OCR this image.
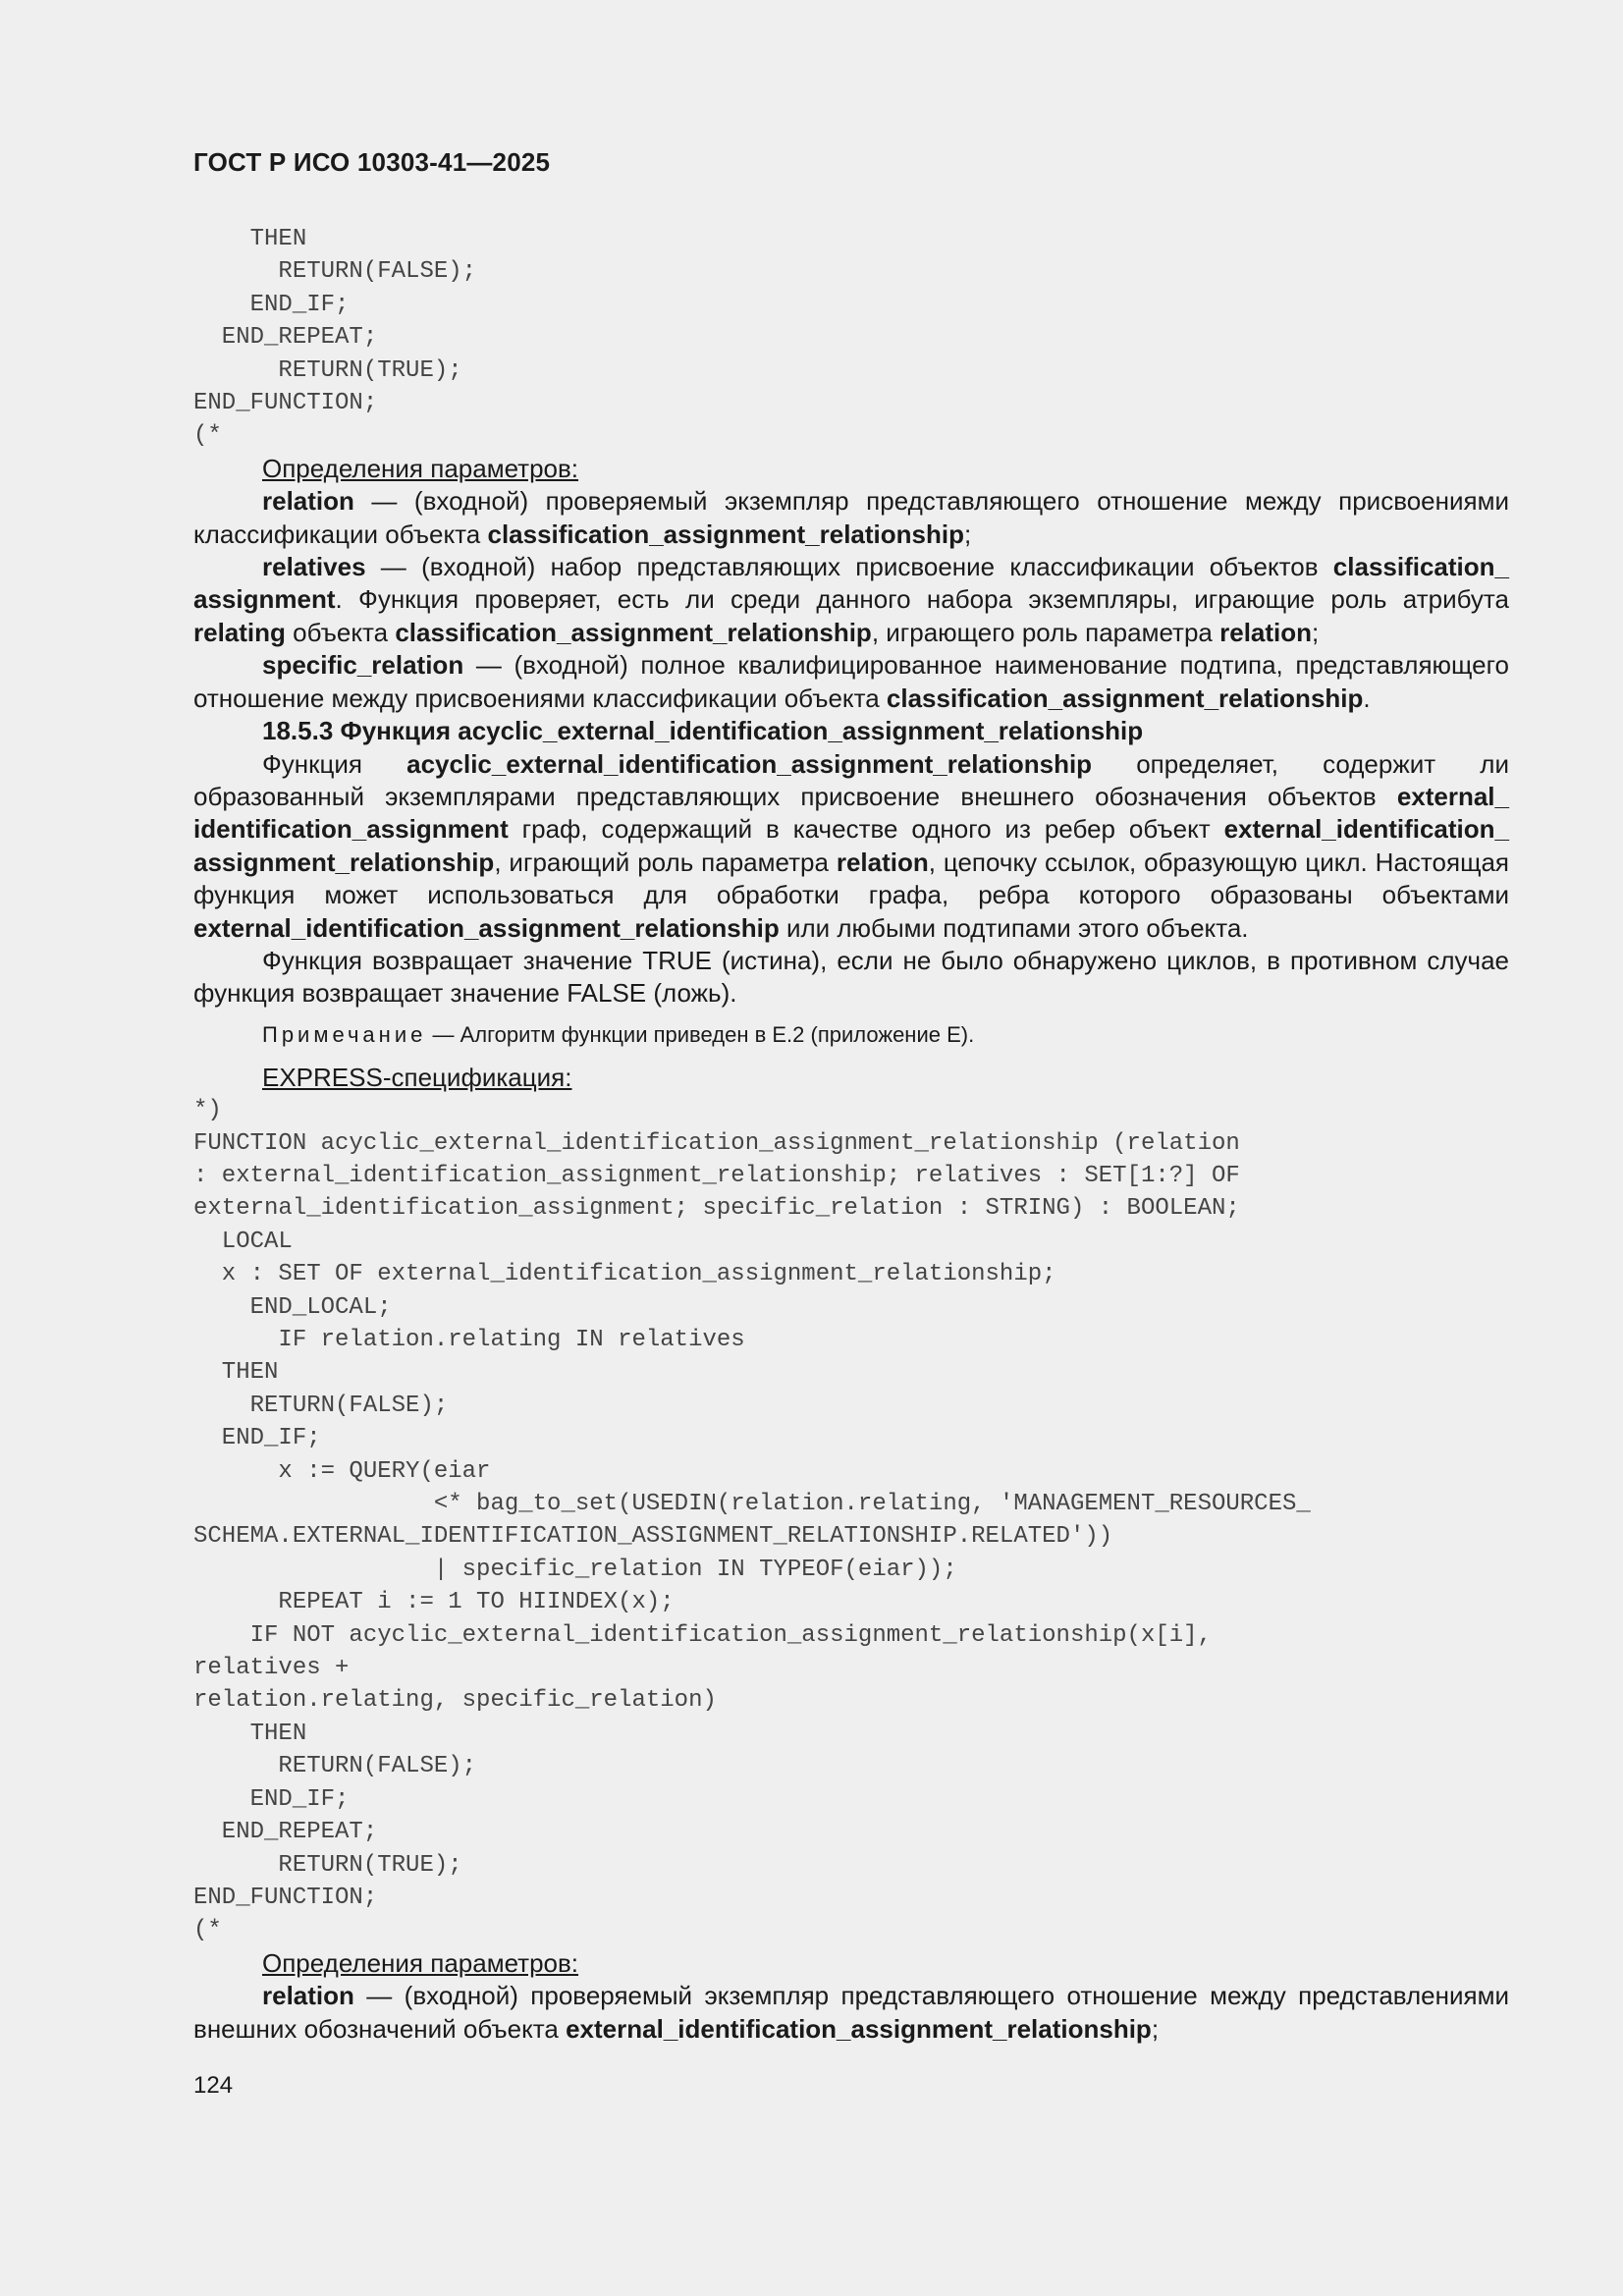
ГОСТ Р ИСО 10303-41—2025
THEN
RETURN(FALSE);
END_IF;
END_REPEAT;
RETURN(TRUE);
END_FUNCTION;
(*
Определения параметров:

relation — (входной) проверяемый экземпляр представляющего отношение между присвоениями классификации объекта classification_assignment_relationship;

relatives — (входной) набор представляющих присвоение классификации объектов classification_ assignment. Функция проверяет, есть ли среди данного набора экземпляры, играющие роль атрибута relating объекта classification_assignment_relationship, играющего роль параметра relation;

specific_relation — (входной) полное квалифицированное наименование подтипа, представляющего отношение между присвоениями классификации объекта classification_assignment_relationship.

18.5.3 Функция acyclic_external_identification_assignment_relationship

Функция acyclic_external_identification_assignment_relationship определяет, содержит ли образованный экземплярами представляющих присвоение внешнего обозначения объектов external_ identification_assignment граф, содержащий в качестве одного из ребер объект external_identification_ assignment_relationship, играющий роль параметра relation, цепочку ссылок, образующую цикл. Настоящая функция может использоваться для обработки графа, ребра которого образованы объектами external_identification_assignment_relationship или любыми подтипами этого объекта.

Функция возвращает значение TRUE (истина), если не было обнаружено циклов, в противном случае функция возвращает значение FALSE (ложь).

Примечание — Алгоритм функции приведен в Е.2 (приложение Е).
EXPRESS-спецификация:
*)
FUNCTION acyclic_external_identification_assignment_relationship (relation
: external_identification_assignment_relationship; relatives : SET[1:?] OF
external_identification_assignment; specific_relation : STRING) : BOOLEAN;
LOCAL
x : SET OF external_identification_assignment_relationship;
END_LOCAL;
IF relation.relating IN relatives
THEN
RETURN(FALSE);
END_IF;
x := QUERY(eiar
<* bag_to_set(USEDIN(relation.relating, 'MANAGEMENT_RESOURCES_
SCHEMA.EXTERNAL_IDENTIFICATION_ASSIGNMENT_RELATIONSHIP.RELATED'))
| specific_relation IN TYPEOF(eiar));
REPEAT i := 1 TO HIINDEX(x);
IF NOT acyclic_external_identification_assignment_relationship(x[i],
relatives +
relation.relating, specific_relation)
THEN
RETURN(FALSE);
END_IF;
END_REPEAT;
RETURN(TRUE);
END_FUNCTION;
(*
Определения параметров:

relation — (входной) проверяемый экземпляр представляющего отношение между представлениями внешних обозначений объекта external_identification_assignment_relationship;

124
